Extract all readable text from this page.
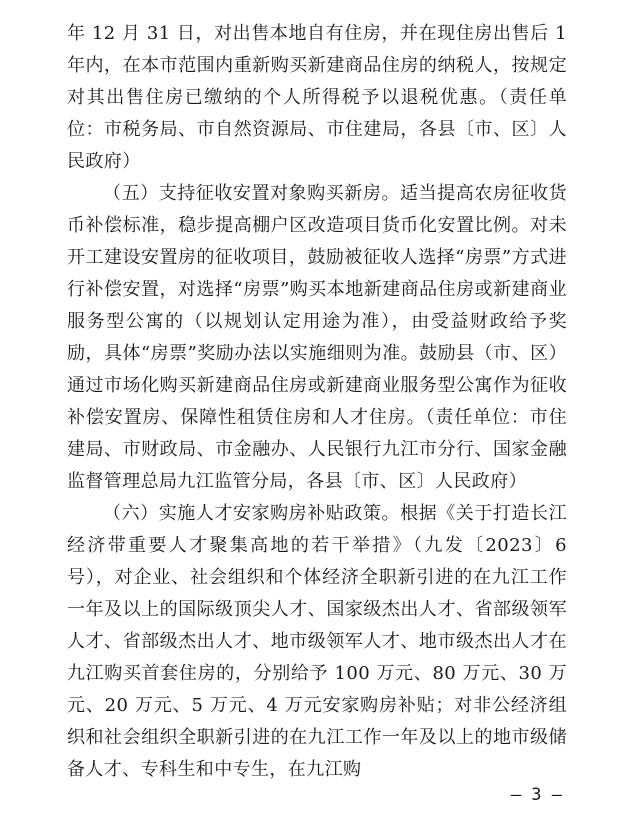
年 12 月 31 日，对出售本地自有住房，并在现住房出售后 1 年内，在本市范围内重新购买新建商品住房的纳税人，按规定对其出售住房已缴纳的个人所得税予以退税优惠。（责任单位：市税务局、市自然资源局、市住建局，各县〔市、区〕人民政府）

（五）支持征收安置对象购买新房。适当提高农房征收货币补偿标准，稳步提高棚户区改造项目货币化安置比例。对未开工建设安置房的征收项目，鼓励被征收人选择“房票”方式进行补偿安置，对选择“房票”购买本地新建商品住房或新建商业服务型公寓的（以规划认定用途为准），由受益财政给予奖励，具体“房票”奖励办法以实施细则为准。鼓励县（市、区）通过市场化购买新建商品住房或新建商业服务型公寓作为征收补偿安置房、保障性租赁住房和人才住房。（责任单位：市住建局、市财政局、市金融办、人民银行九江市分行、国家金融监督管理总局九江监管分局，各县〔市、区〕人民政府）

（六）实施人才安家购房补贴政策。根据《关于打造长江经济带重要人才聚集高地的若干举措》（九发〔2023〕6 号），对企业、社会组织和个体经济全职新引进的在九江工作一年及以上的国际级顶尖人才、国家级杰出人才、省部级领军人才、省部级杰出人才、地市级领军人才、地市级杰出人才在九江购买首套住房的，分别给予 100 万元、80 万元、30 万元、20 万元、5 万元、4 万元安家购房补贴；对非公经济组织和社会组织全职新引进的在九江工作一年及以上的地市级储备人才、专科生和中专生，在九江购

— 3 —
